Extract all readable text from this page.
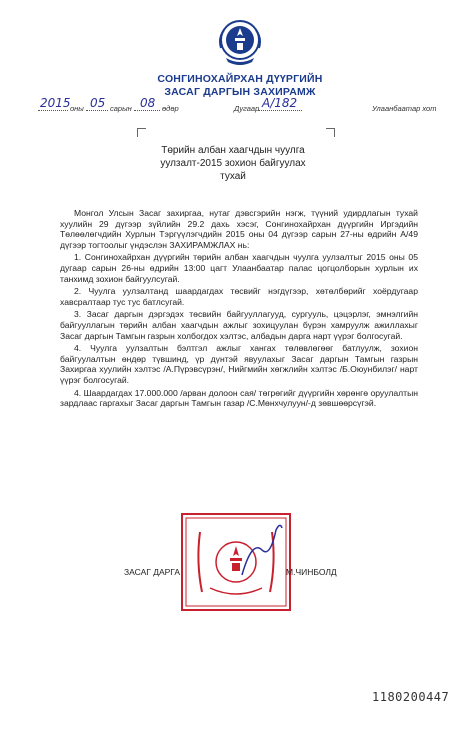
СОНГИНОХАЙРХАН ДҮҮРГИЙН
ЗАСАГ ДАРГЫН ЗАХИРАМЖ
2015 оны 05 сарын 08 өдөр	Дугаар А/182	Улаанбаатар хот
Төрийн албан хаагчдын чуулга
уулзалт-2015 зохион байгуулах
тухай

Монгол Улсын Засаг захиргаа, нутаг дэвсгэрийн нэгж, түүний удирдлагын тухай хуулийн 29 дүгээр зүйлийн 29.2 дахь хэсэг, Сонгинохайрхан дүүргийн Иргэдийн Төлөөлөгчдийн Хурлын Тэргүүлэгчдийн 2015 оны 04 дүгээр сарын 27-ны өдрийн А/49 дүгээр тогтоолыг үндэслэн ЗАХИРАМЖЛАХ нь:

1. Сонгинохайрхан дүүргийн төрийн албан хаагчдын чуулга уулзалтыг 2015 оны 05 дугаар сарын 26-ны өдрийн 13:00 цагт Улаанбаатар палас цогцолборын хурлын их танхимд зохион байгуулсугай.

2. Чуулга уулзалтанд шаардагдах төсвийг нэгдүгээр, хөтөлбөрийг хоёрдугаар хавсралтаар тус тус батлсугай.

3. Засаг даргын дэргэдэх төсвийн байгууллагууд, сургууль, цэцэрлэг, эмнэлгийн байгууллагын төрийн албан хаагчдын ажлыг зохицуулан бүрэн хамруулж ажиллахыг Засаг даргын Тамгын газрын холбогдох хэлтэс, албадын дарга нарт үүрэг болгосугай.

4. Чуулга уулзалтын бэлтгэл ажлыг хангах төлөвлөгөөг батлуулж, зохион байгуулалтын өндөр түвшинд, үр дүнтэй явуулахыг Засаг даргын Тамгын газрын Захиргаа хуулийн хэлтэс /А.Пүрэвсүрэн/, Нийгмийн хөгжлийн хэлтэс /Б.Оюунбилэг/ нарт үүрэг болгосугай.

4. Шаардагдах 17.000.000 /арван долоон сая/ төгрөгийг дүүргийн хөрөнгө оруулалтын зардлаас гаргахыг Засаг даргын Тамгын газар /С.Мөнхчулуун/-д зөвшөөрсүгэй.

ЗАСАГ ДАРГА	М.ЧИНБОЛД
1180200447
